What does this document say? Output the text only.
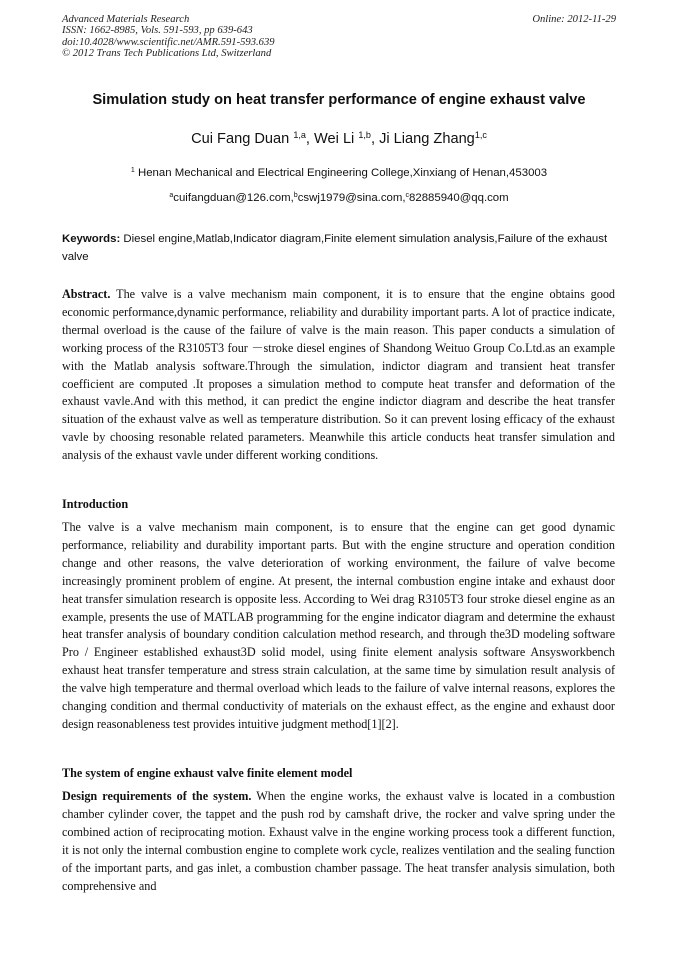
Advanced Materials Research
ISSN: 1662-8985, Vols. 591-593, pp 639-643
doi:10.4028/www.scientific.net/AMR.591-593.639
© 2012 Trans Tech Publications Ltd, Switzerland
Online: 2012-11-29
Simulation study on heat transfer performance of engine exhaust valve
Cui Fang Duan $^{1,a}$, Wei Li $^{1,b}$, Ji Liang Zhang$^{1,c}$
$^1$ Henan Mechanical and Electrical Engineering College,Xinxiang of Henan,453003
$^a$cuifangduan@126.com,$^b$cswj1979@sina.com,$^c$82885940@qq.com
Keywords: Diesel engine,Matlab,Indicator diagram,Finite element simulation analysis,Failure of the exhaust valve

Abstract. The valve is a valve mechanism main component, it is to ensure that the engine obtains good economic performance,dynamic performance, reliability and durability important parts. A lot of practice indicate, thermal overload is the cause of the failure of valve is the main reason. This paper conducts a simulation of working process of the R3105T3 four －stroke diesel engines of Shandong Weituo Group Co.Ltd.as an example with the Matlab analysis software.Through the simulation, indictor diagram and transient heat transfer coefficient are computed .It proposes a simulation method to compute heat transfer and deformation of the exhaust vavle.And with this method, it can predict the engine indictor diagram and describe the heat transfer situation of the exhaust valve as well as temperature distribution. So it can prevent losing efficacy of the exhaust vavle by choosing resonable related parameters. Meanwhile this article conducts heat transfer simulation and analysis of the exhaust vavle under different working conditions.

Introduction

The valve is a valve mechanism main component, is to ensure that the engine can get good dynamic performance, reliability and durability important parts. But with the engine structure and operation condition change and other reasons, the valve deterioration of working environment, the failure of valve become increasingly prominent problem of engine. At present, the internal combustion engine intake and exhaust door heat transfer simulation research is opposite less. According to Wei drag R3105T3 four stroke diesel engine as an example, presents the use of MATLAB programming for the engine indicator diagram and determine the exhaust heat transfer analysis of boundary condition calculation method research, and through the3D modeling software Pro / Engineer established exhaust3D solid model, using finite element analysis software Ansysworkbench exhaust heat transfer temperature and stress strain calculation, at the same time by simulation result analysis of the valve high temperature and thermal overload which leads to the failure of valve internal reasons, explores the changing condition and thermal conductivity of materials on the exhaust effect, as the engine and exhaust door design reasonableness test provides intuitive judgment method[1][2].

The system of engine exhaust valve finite element model

Design requirements of the system. When the engine works, the exhaust valve is located in a combustion chamber cylinder cover, the tappet and the push rod by camshaft drive, the rocker and valve spring under the combined action of reciprocating motion. Exhaust valve in the engine working process took a different function, it is not only the internal combustion engine to complete work cycle, realizes ventilation and the sealing function of the important parts, and gas inlet, a combustion chamber passage. The heat transfer analysis simulation, both comprehensive and
